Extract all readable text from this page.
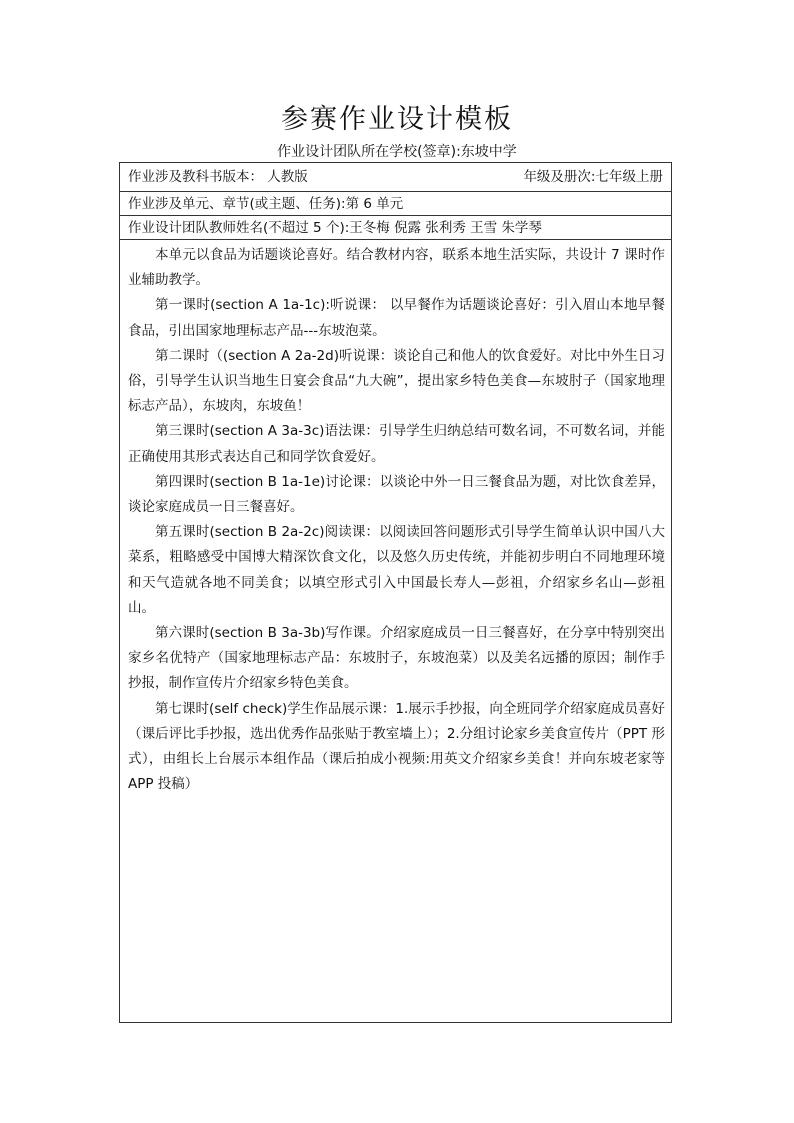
参赛作业设计模板
作业设计团队所在学校(签章):东坡中学
作业涉及教科书版本： 人教版	年级及册次:七年级上册
作业涉及单元、章节(或主题、任务):第 6 单元
作业设计团队教师姓名(不超过 5 个):王冬梅 倪露 张利秀 王雪 朱学琴

本单元以食品为话题谈论喜好。结合教材内容，联系本地生活实际，共设计 7 课时作业辅助教学。

第一课时(section A 1a-1c):听说课： 以早餐作为话题谈论喜好：引入眉山本地早餐食品，引出国家地理标志产品---东坡泡菜。

第二课时（(section A 2a-2d)听说课：谈论自己和他人的饮食爱好。对比中外生日习俗，引导学生认识当地生日宴会食品“九大碗”，提出家乡特色美食—东坡肘子（国家地理标志产品），东坡肉，东坡鱼！

第三课时(section A 3a-3c)语法课：引导学生归纳总结可数名词，不可数名词，并能正确使用其形式表达自己和同学饮食爱好。

第四课时(section B 1a-1e)讨论课：以谈论中外一日三餐食品为题，对比饮食差异，谈论家庭成员一日三餐喜好。

第五课时(section B 2a-2c)阅读课：以阅读回答问题形式引导学生简单认识中国八大菜系，粗略感受中国博大精深饮食文化，以及悠久历史传统，并能初步明白不同地理环境和天气造就各地不同美食；以填空形式引入中国最长寿人—彭祖，介绍家乡名山—彭祖山。

第六课时(section B 3a-3b)写作课。介绍家庭成员一日三餐喜好，在分享中特别突出家乡名优特产（国家地理标志产品：东坡肘子，东坡泡菜）以及美名远播的原因；制作手抄报，制作宣传片介绍家乡特色美食。

第七课时(self check)学生作品展示课：1.展示手抄报，向全班同学介绍家庭成员喜好（课后评比手抄报，选出优秀作品张贴于教室墙上）；2.分组讨论家乡美食宣传片（PPT 形式），由组长上台展示本组作品（课后拍成小视频:用英文介绍家乡美食！并向东坡老家等 APP 投稿）
